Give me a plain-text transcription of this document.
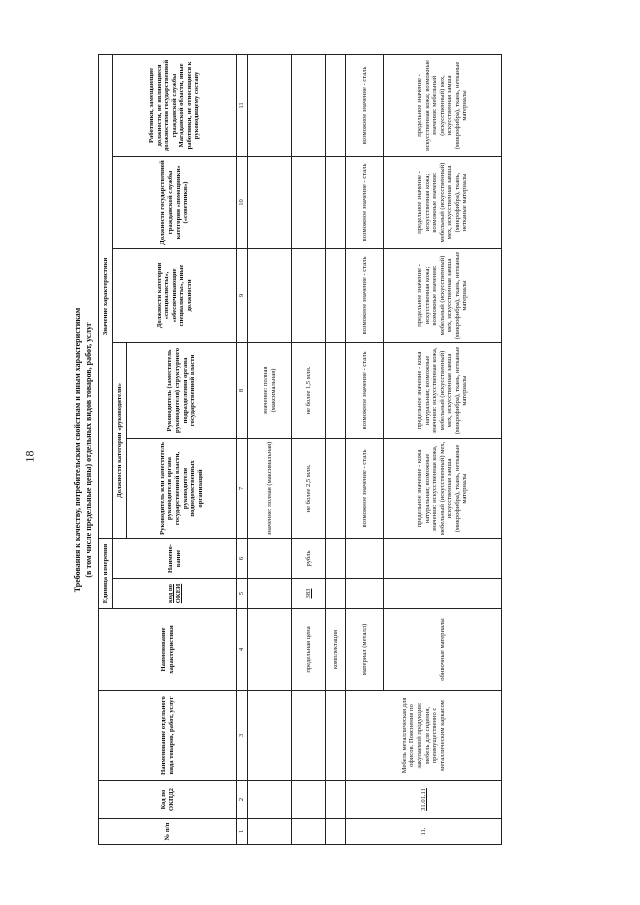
18	Требования к качеству, потребительским свойствам и иным характеристикам (в том числе предельные цены) отдельных видов товаров, работ, услуг
№ п/п	Код по ОКПД2	Наименование отдельного вида товаров, работ, услуг	Наименование характеристики	Единица измерения		Значение характеристики				
				код по ОКЕИ	Наимено-вание	Должности категории «руководители»		Должности категории «специалисты», «обеспечивающие специалисты», иные должности	Должности государственной гражданской службы категории «помощники» («советники»)	Работники, замещающие должности, не являющиеся должностями государственной гражданской службы Магаданской области, иные работники, не относящиеся к руководящему составу
						Руководитель или заместитель руководителя органа государственной власти, руководители подведомственных организаций	Руководитель (заместитель руководителя) структурного подразделения органа государственной власти			
1	2	3	4	5	6	7	8	9	10	11
						значение: полная (максимальная)	значение: полная (максимальная)			
			предельная цена	383	рубль	не более 2,5 млн.	не более 1,5 млн.			
			комплектация							
11.	31.01.11	Мебель металлическая для офисов. Пояснения по закупаемой продукции: мебель для сидения, преимущественно с металлическим каркасом	материал (металл)			возможное значение - сталь	возможное значение - сталь	возможное значение - сталь	возможное значение - сталь	возможное значение - сталь
			обивочные материалы			предельное значение - кожа натуральная; возможные значения: искусственная кожа, мебельный (искусственный) мех, искусственная замша (микрофибра), ткань, нетканые материалы	предельное значение - кожа натуральная; возможные значения: искусственная кожа, мебельный (искусственный) мех, искусственная замша (микрофибра), ткань, нетканые материалы	предельное значение - искусственная кожа; возможные значения: мебельный (искусственный) мех, искусственная замша (микрофибра), ткань, нетканые материалы	предельное значение - искусственная кожа; возможные значения: мебельный (искусственный) мех, искусственная замша (микрофибра), ткань, нетканые материалы	предельное значение - искусственная кожа; возможные значения: мебельный (искусственный) мех, искусственная замша (микрофибра), ткань, нетканые материалы
